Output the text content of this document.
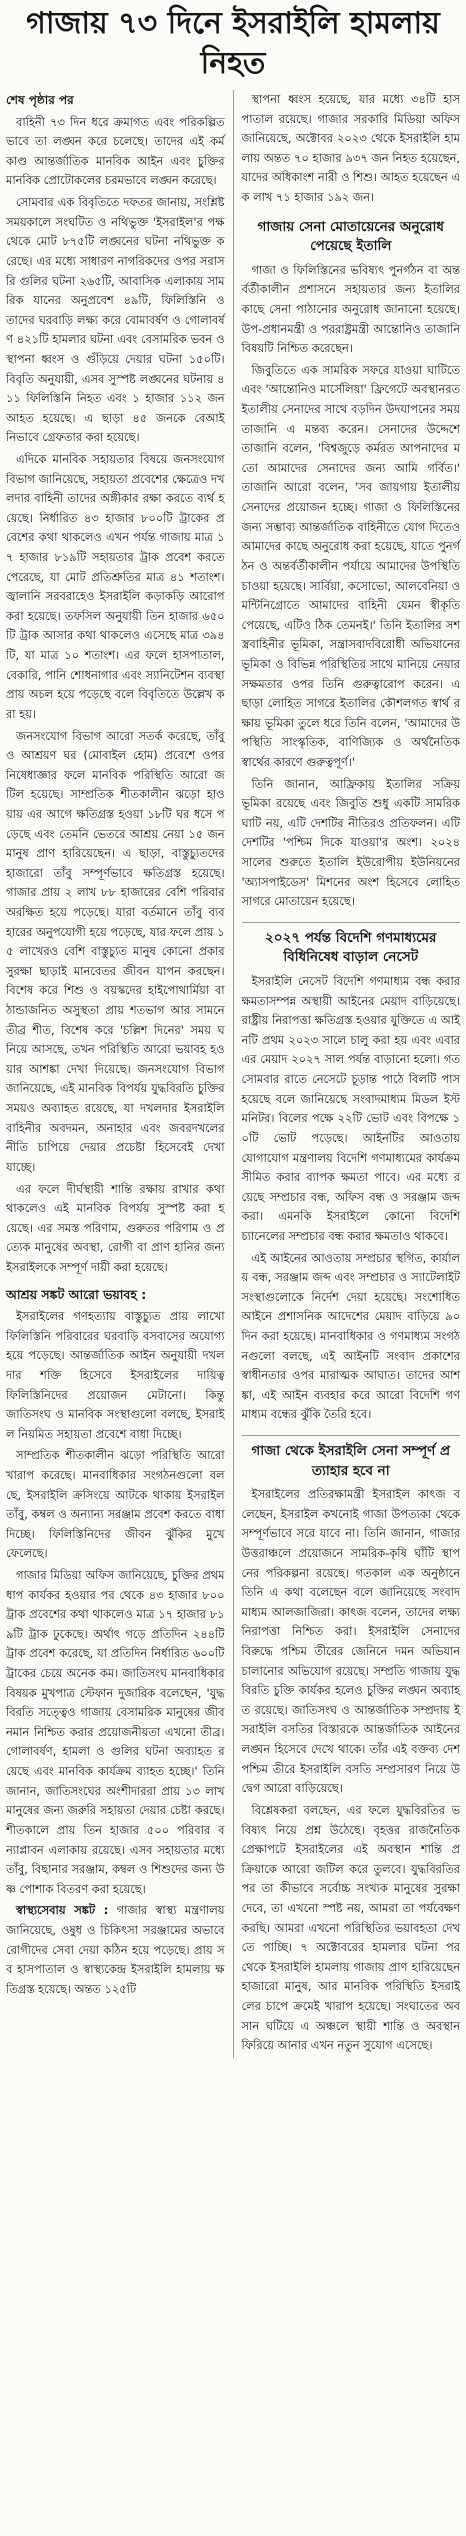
গাজায় ৭৩ দিনে ইসরাইলি হামলায় নিহত
শেষ পৃষ্ঠার পর

বাহিনী ৭৩ দিন ধরে ক্রমাগত এবং পরিকল্পিতভাবে তা লঙ্ঘন করে চলেছে। তাদের এই কর্মকাণ্ড আন্তর্জাতিক মানবিক আইন এবং চুক্তির মানবিক প্রোটোকলের চরমভাবে লঙ্ঘন করেছে।

সোমবার এক বিবৃতিতে দফতর জানায়, সংশ্লিষ্ট সময়কালে সংঘটিত ও নথিভুক্ত 'ইসরাইল'র পক্ষ থেকে মোট ৮৭৫টি লঙ্ঘনের ঘটনা নথিভুক্ত করেছে। এর মধ্যে সাধারণ নাগরিকদের ওপর সরাসরি গুলির ঘটনা ২৬৫টি, আবাসিক এলাকায় সামরিক যানের অনুপ্রবেশ ৪৯টি, ফিলিস্তিনি ও তাদের ঘরবাড়ি লক্ষ্য করে বোমাবর্ষণ ও গোলাবর্ষণ ৪২১টি হামলার ঘটনা এবং বেসামরিক ভবন ও স্থাপনা ধ্বংস ও গুঁড়িয়ে দেয়ার ঘটনা ১৫০টি। বিবৃতি অনুযায়ী, এসব সুস্পষ্ট লঙ্ঘনের ঘটনায় ৪১১ ফিলিস্তিনি নিহত এবং ১ হাজার ১১২ জন আহত হয়েছে। এ ছাড়া ৪৫ জনকে বেআইনিভাবে গ্রেফতার করা হয়েছে।

এদিকে মানবিক সহায়তার বিষয়ে জনসংযোগ বিভাগ জানিয়েছে, সহায়তা প্রবেশের ক্ষেত্রেও দখলদার বাহিনী তাদের অঙ্গীকার রক্ষা করতে ব্যর্থ হয়েছে। নির্ধারিত ৪৩ হাজার ৮০০টি ট্রাকের প্রবেশের কথা থাকলেও এখন পর্যন্ত গাজায় মাত্র ১৭ হাজার ৮১৯টি সহায়তার ট্রাক প্রবেশ করতে পেরেছে, যা মোট প্রতিশ্রুতির মাত্র ৪১ শতাংশ। জ্বালানি সরবরাহেও ইসরাইলি কড়াকড়ি আরোপ করা হয়েছে। তফসিল অনুযায়ী তিন হাজার ৬৫০টি ট্রাক আসার কথা থাকলেও এসেছে মাত্র ৩৯৪টি, যা মাত্র ১০ শতাংশ। এর ফলে হাসপাতাল, বেকারি, পানি শোধনাগার এবং স্যানিটেশন ব্যবস্থা প্রায় অচল হয়ে পড়েছে বলে বিবৃতিতে উল্লেখ করা হয়।

জনসংযোগ বিভাগ আরো সতর্ক করেছে, তাঁবু ও আশ্রয়ণ ঘর (মোবাইল হোম) প্রবেশে ওপর নিষেধাজ্ঞার ফলে মানবিক পরিস্থিতি আরো জটিল হয়েছে। সাম্প্রতিক শীতকালীন ঝড়ো হাওয়ায় এর আগে ক্ষতিগ্রস্ত হওয়া ১৮টি ঘর ধসে পড়েছে এবং তেমনি ভেতরে আশ্রয় নেয়া ১৫ জন মানুষ প্রাণ হারিয়েছেন। এ ছাড়া, বাস্তুচ্যুতদের হাজারো তাঁবু সম্পূর্ণভাবে ক্ষতিগ্রস্ত হয়েছে। গাজার প্রায় ২ লাখ ৮৮ হাজারের বেশি পরিবার অরক্ষিত হয়ে পড়েছে। যারা বর্তমানে তাঁবু ব্যবহারের অনুপযোগী হয়ে পড়েছে, যার ফলে প্রায় ১৫ লাখেরও বেশি বাস্তুচ্যুত মানুষ কোনো প্রকার সুরক্ষা ছাড়াই মানবেতর জীবন যাপন করছেন। বিশেষ করে শিশু ও বয়স্কদের হাইপোথার্মিয়া বা ঠান্ডাজনিত অসুস্থতা প্রায় শতভাগ আর সামনে তীব্র শীত, বিশেষ করে 'চল্লিশ দিনের' সময় ঘনিয়ে আসছে, তখন পরিস্থিতি আরো ভয়াবহ হওয়ার আশঙ্কা দেখা দিয়েছে। জনসংযোগ বিভাগ জানিয়েছে, এই মানবিক বিপর্যয় যুদ্ধবিরতি চুক্তির সময়ও অব্যাহত রয়েছে, যা দখলদার ইসরাইলি বাহিনীর অবদমন, অনাহার এবং জবরদখলের নীতি চাপিয়ে দেয়ার প্রচেষ্টা হিসেবেই দেখা যাচ্ছে।

এর ফলে দীর্ঘস্থায়ী শান্তি রক্ষায় রাখার কথা থাকলেও এই মানবিক বিপর্যয় সুস্পষ্ট করা হয়েছে। এর সমস্ত পরিণাম, গুরুতর পরিণাম ও প্রত্যেক মানুষের অবস্থা, রোগী বা প্রাণ হানির জন্য ইসরাইলকে সম্পূর্ণ দায়ী করা হয়েছে।

আশ্রয় সঙ্কট আরো ভয়াবহ :

ইসরাইলের গণহত্যায় বাস্তুচ্যুত প্রায় লাখো ফিলিস্তিনি পরিবারের ঘরবাড়ি বসবাসের অযোগ্য হয়ে পড়েছে। আন্তর্জাতিক আইন অনুযায়ী দখলদার শক্তি হিসেবে ইসরাইলের দায়িত্ব ফিলিস্তিনিদের প্রয়োজন মেটানো। কিন্তু জাতিসংঘ ও মানবিক সংস্থাগুলো বলছে, ইসরাইল নিয়মিত সহায়তা প্রবেশে বাধা দিচ্ছে।

সাম্প্রতিক শীতকালীন ঝড়ো পরিস্থিতি আরো খারাপ করেছে। মানবাধিকার সংগঠনগুলো বলছে, ইসরাইলি ক্রসিংয়ে আটকে থাকায় ইসরাইল তাঁবু, কম্বল ও অন্যান্য সরঞ্জাম প্রবেশ করতে বাধা দিচ্ছে। ফিলিস্তিনিদের জীবন ঝুঁকির মুখে ফেলেছে।

গাজার মিডিয়া অফিস জানিয়েছে, চুক্তির প্রথম ধাপ কার্যকর হওয়ার পর থেকে ৪৩ হাজার ৮০০ ট্রাক প্রবেশের কথা থাকলেও মাত্র ১৭ হাজার ৮১৯টি ট্রাক ঢুকেছে। অর্থাৎ গড়ে প্রতিদিন ২৪৪টি ট্রাক প্রবেশ করেছে, যা প্রতিদিন নির্ধারিত ৬০০টি ট্রাকের চেয়ে অনেক কম। জাতিসংঘ মানবাধিকার বিষয়ক মুখপাত্র স্টেফান দুজারিক বলেছেন, 'যুদ্ধবিরতি সত্ত্বেও গাজায় বেসামরিক মানুষের জীবনমান নিশ্চিত করার প্রয়োজনীয়তা এখনো তীব্র। গোলাবর্ষণ, হামলা ও গুলির ঘটনা অব্যাহত রয়েছে এবং মানবিক কার্যক্রম ব্যাহত হচ্ছে।' তিনি জানান, জাতিসংঘের অংশীদাররা প্রায় ১৩ লাখ মানুষের জন্য জরুরি সহায়তা দেয়ার চেষ্টা করছে। শীতকালে প্রায় তিন হাজার ৫০০ পরিবার বন্যাপ্লাবন এলাকায় রয়েছে। এসব সহায়তার মধ্যে তাঁবু, বিছানার সরঞ্জাম, কম্বল ও শিশুদের জন্য উষ্ণ পোশাক বিতরণ করা হয়েছে।

স্বাস্থ্যসেবায় সঙ্কট : গাজার স্বাস্থ্য মন্ত্রণালয় জানিয়েছে, ওষুধ ও চিকিৎসা সরঞ্জামের অভাবে রোগীদের সেবা দেয়া কঠিন হয়ে পড়েছে। প্রায় সব হাসপাতাল ও স্বাস্থ্যকেন্দ্র ইসরাইলি হামলায় ক্ষতিগ্রস্ত হয়েছে। অন্তত ১২৫টি

স্থাপনা ধ্বংস হয়েছে, যার মধ্যে ৩৪টি হাসপাতাল রয়েছে। গাজার সরকারি মিডিয়া অফিস জানিয়েছে, অক্টোবর ২০২৩ থেকে ইসরাইলি হামলায় অন্তত ৭০ হাজার ৯৩৭ জন নিহত হয়েছেন, যাদের অধিকাংশ নারী ও শিশু। আহত হয়েছেন এক লাখ ৭১ হাজার ১৯২ জন।

গাজায় সেনা মোতায়েনের অনুরোধ পেয়েছে ইতালি

গাজা ও ফিলিস্তিনের ভবিষ্যৎ পুনর্গঠন বা অন্তর্বর্তীকালীন প্রশাসনে সহায়তার জন্য ইতালির কাছে সেনা পাঠানোর অনুরোধ জানানো হয়েছে। উপ-প্রধানমন্ত্রী ও পররাষ্ট্রমন্ত্রী আন্তোনিও তাজানি বিষয়টি নিশ্চিত করেছেন।

জিবুতিতে এক সামরিক সফরে যাওয়া ঘাটিতে এবং 'আন্তোনিও মার্সেলিয়া' ফ্রিগেটে অবস্থানরত ইতালীয় সেনাদের সাথে বড়দিন উদযাপনের সময় তাজানি এ মন্তব্য করেন। সেনাদের উদ্দেশে তাজানি বলেন, 'বিশ্বজুড়ে কর্মরত আপনাদের মতো আমাদের সেনাদের জন্য আমি গর্বিত।' তাজানি আরো বলেন, 'সব জায়গায় ইতালীয় সেনাদের প্রয়োজন হচ্ছে। গাজা ও ফিলিস্তিনের জন্য সম্ভাব্য আন্তর্জাতিক বাহিনীতে যোগ দিতেও আমাদের কাছে অনুরোধ করা হয়েছে, যাতে পুনর্গঠন ও অন্তর্বর্তীকালীন পর্যায়ে আমাদের উপস্থিতি চাওয়া হয়েছে। সার্বিয়া, কসোভো, আলবেনিয়া ও মন্টিনিগ্রোতে আমাদের বাহিনী যেমন স্বীকৃতি পেয়েছে, এটিও ঠিক তেমনই।' তিনি ইতালির সশস্ত্রবাহিনীর ভূমিকা, সন্ত্রাসবাদবিরোধী অভিযানের ভূমিকা ও বিভিন্ন পরিস্থিতির সাথে মানিয়ে নেয়ার সক্ষমতার ওপর তিনি গুরুত্বারোপ করেন। এ ছাড়া লোহিত সাগরে ইতালির কৌশলগত স্বার্থ রক্ষায় ভূমিকা তুলে ধরে তিনি বলেন, 'আমাদের উপস্থিতি সাংস্কৃতিক, বাণিজ্যিক ও অর্থনৈতিক স্বার্থের কারণে গুরুত্বপূর্ণ।'

তিনি জানান, আফ্রিকায় ইতালির সক্রিয় ভূমিকা রয়েছে এবং জিবুতি শুধু একটি সামরিক ঘাটি নয়, এটি দেশটির নীতিরও প্রতিফলন। এটি দেশটির 'পশ্চিম দিকে যাওয়া'র অংশ। ২০২৪ সালের শুরুতে ইতালি ইউরোপীয় ইউনিয়নের 'অ্যাসপাইডেস' মিশনের অংশ হিসেবে লোহিত সাগরে মোতায়েন হয়েছে।

২০২৭ পর্যন্ত বিদেশি গণমাধ্যমের বিধিনিষেধ বাড়াল নেসেট

ইসরাইলি নেসেট বিদেশি গণমাধ্যম বন্ধ করার ক্ষমতাসম্পন্ন অস্থায়ী আইনের মেয়াদ বাড়িয়েছে। রাষ্ট্রীয় নিরাপত্তা ক্ষতিগ্রস্ত হওয়ার যুক্তিতে এ আইনটি প্রথম ২০২৩ সালে চালু করা হয় এবং এবার এর মেয়াদ ২০২৭ সাল পর্যন্ত বাড়ানো হলো। গত সোমবার রাতে নেসেটে চূড়ান্ত পাঠে বিলটি পাস হয়েছে বলে জানিয়েছে সংবাদমাধ্যম মিডল ইস্ট মনিটর। বিলের পক্ষে ২২টি ভোট এবং বিপক্ষে ১০টি ভোট পড়েছে। আইনটির আওতায় যোগাযোগ মন্ত্রণালয় বিদেশি গণমাধ্যমের কার্যক্রম সীমিত করার ব্যাপক ক্ষমতা পাবে। এর মধ্যে রয়েছে সম্প্রচার বন্ধ, অফিস বন্ধ ও সরঞ্জাম জব্দ করা। এমনকি ইসরাইলে কোনো বিদেশি চ্যানেলের সম্প্রচার বন্ধ করার ক্ষমতাও থাকবে।

এই আইনের আওতায় সম্প্রচার স্থগিত, কার্যালয় বন্ধ, সরঞ্জাম জব্দ এবং সম্প্রচার ও স্যাটেলাইট সংস্থাগুলোকে নির্দেশ দেয়া হয়েছে। সংশোধিত আইনে প্রশাসনিক আদেশের মেয়াদ বাড়িয়ে ৯০ দিন করা হয়েছে। মানবাধিকার ও গণমাধ্যম সংগঠনগুলো বলছে, এই আইনটি সংবাদ প্রকাশের স্বাধীনতার ওপর মারাত্মক আঘাত। তাদের আশঙ্কা, এই আইন ব্যবহার করে আরো বিদেশি গণমাধ্যম বন্ধের ঝুঁকি তৈরি হবে।

গাজা থেকে ইসরাইলি সেনা সম্পূর্ণ প্রত্যাহার হবে না

ইসরাইলের প্রতিরক্ষামন্ত্রী ইসরাইল কাৎজ বলেছেন, ইসরাইল কখনোই গাজা উপত্যকা থেকে সম্পূর্ণভাবে সরে যাবে না। তিনি জানান, গাজার উত্তরাঞ্চলে প্রয়োজনে সামরিক-কৃষি ঘাঁটি স্থাপনের পরিকল্পনা রয়েছে। গতকাল এক অনুষ্ঠানে তিনি এ কথা বলেছেন বলে জানিয়েছে সংবাদমাধ্যম আলজাজিরা। কাৎজ বলেন, তাদের লক্ষ্য নিরাপত্তা নিশ্চিত করা। ইসরাইলি সেনাদের বিরুদ্ধে পশ্চিম তীরের জেনিনে দমন অভিযান চালানোর অভিযোগ রয়েছে। সম্প্রতি গাজায় যুদ্ধবিরতি চুক্তি কার্যকর হলেও চুক্তির লঙ্ঘন অব্যাহত রয়েছে। জাতিসংঘ ও আন্তর্জাতিক সম্প্রদায় ইসরাইলি বসতির বিস্তারকে আন্তর্জাতিক আইনের লঙ্ঘন হিসেবে দেখে থাকে। তাঁর এই বক্তব্য দেশ পশ্চিম তীরে ইসরাইলি বসতি সম্প্রসারণ নিয়ে উদ্বেগ আরো বাড়িয়েছে।

বিশ্লেষকরা বলছেন, এর ফলে যুদ্ধবিরতির ভবিষ্যৎ নিয়ে প্রশ্ন উঠেছে। বৃহত্তর রাজনৈতিক প্রেক্ষাপটে ইসরাইলের এই অবস্থান শান্তি প্রক্রিয়াকে আরো জটিল করে তুলবে। যুদ্ধবিরতির পর তা কীভাবে সর্বোচ্চ সংখ্যক মানুষের সুরক্ষা দেবে, তা এখনো স্পষ্ট নয়, আমরা তা পর্যবেক্ষণ করছি। আমরা এখনো পরিস্থিতির ভয়াবহতা দেখতে পাচ্ছি। ৭ অক্টোবরের হামলার ঘটনা পর থেকে ইসরাইলি হামলায় গাজায় প্রাণ হারিয়েছেন হাজারো মানুষ, আর মানবিক পরিস্থিতি ইসরাইলের চাপে ক্রমেই খারাপ হয়েছে। সংঘাতের অবসান ঘটিয়ে এ অঞ্চলে স্থায়ী শান্তি ও অবস্থান ফিরিয়ে আনার এখন নতুন সুযোগ এসেছে।
